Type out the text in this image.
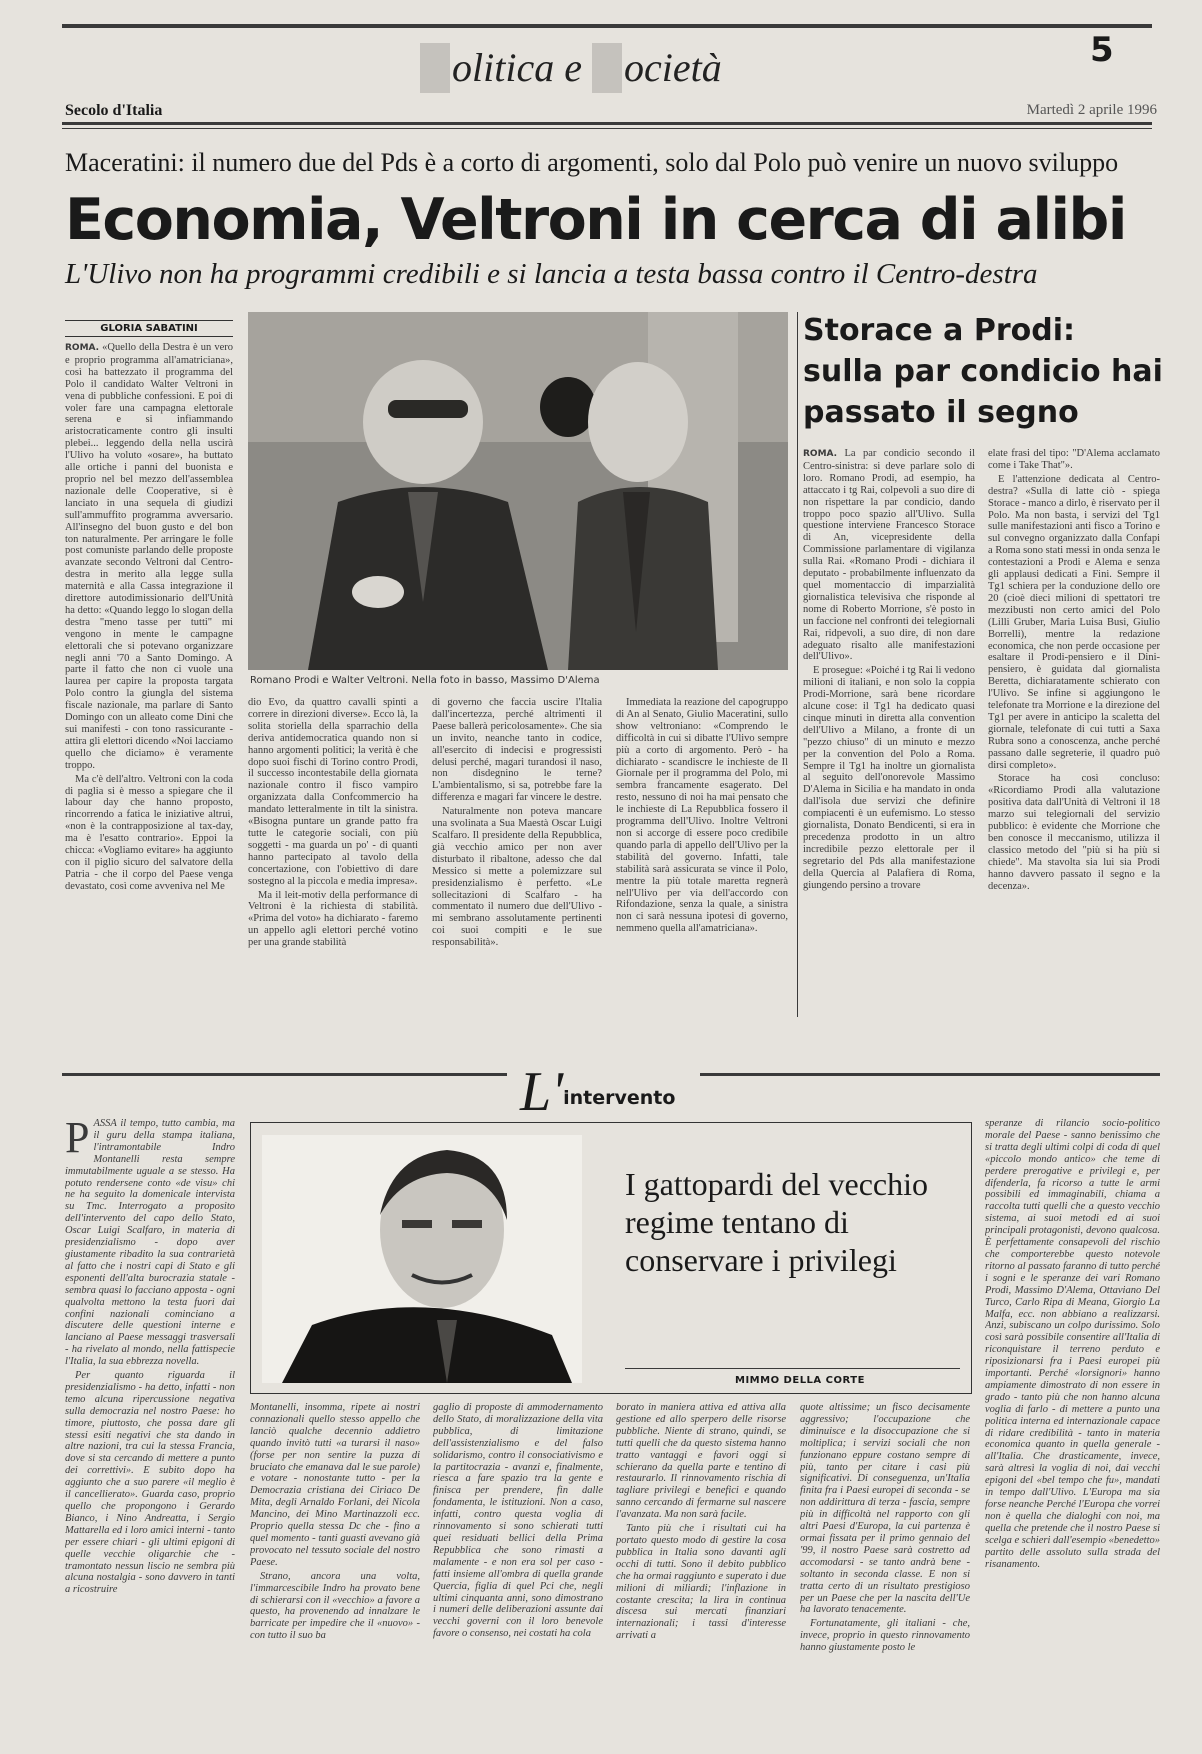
olitica e ocietà	5
Secolo d'Italia	Martedì 2 aprile 1996
Maceratini: il numero due del Pds è a corto di argomenti, solo dal Polo può venire un nuovo sviluppo
Economia, Veltroni in cerca di alibi
L'Ulivo non ha programmi credibili e si lancia a testa bassa contro il Centro-destra
GLORIA SABATINI

ROMA. «Quello della Destra è un vero e proprio programma all'amatriciana», così ha battezzato il programma del Polo il candidato Walter Veltroni in vena di pubbliche confessioni. E poi di voler fare una campagna elettorale serena e si infiammando aristocraticamente contro gli insulti plebei... leggendo della nella uscirà l'Ulivo ha voluto «osare», ha buttato alle ortiche i panni del buonista e proprio nel bel mezzo dell'assemblea nazionale delle Cooperative, si è lanciato in una sequela di giudizi sull'ammuffito programma avversario. All'insegno del buon gusto e del bon ton naturalmente. Per arringare le folle post comuniste parlando delle proposte avanzate secondo Veltroni dal Centro-destra in merito alla legge sulla maternità e alla Cassa integrazione il direttore autodimissionario dell'Unità ha detto: «Quando leggo lo slogan della destra "meno tasse per tutti" mi vengono in mente le campagne elettorali che si potevano organizzare negli anni '70 a Santo Domingo. A parte il fatto che non ci vuole una laurea per capire la proposta targata Polo contro la giungla del sistema fiscale nazionale, ma parlare di Santo Domingo con un alleato come Dini che sui manifesti - con tono rassicurante - attira gli elettori dicendo «Noi lacciamo quello che diciamo» è veramente troppo.

Ma c'è dell'altro. Veltroni con la coda di paglia si è messo a spiegare che il labour day che hanno proposto, rincorrendo a fatica le iniziative altrui, «non è la contrapposizione al tax-day, ma è l'esatto contrario». Eppoi la chicca: «Vogliamo evitare» ha aggiunto con il piglio sicuro del salvatore della Patria - che il corpo del Paese venga devastato, così come avveniva nel Me

Romano Prodi e Walter Veltroni. Nella foto in basso, Massimo D'Alema

dio Evo, da quattro cavalli spinti a correre in direzioni diverse». Ecco là, la solita storiella della sparrachio della deriva antidemocratica quando non si hanno argomenti politici; la verità è che dopo suoi fischi di Torino contro Prodi, il successo incontestabile della giornata nazionale contro il fisco vampiro organizzata dalla Confcommercio ha mandato letteralmente in tilt la sinistra. «Bisogna puntare un grande patto fra tutte le categorie sociali, con più soggetti - ma guarda un po' - di quanti hanno partecipato al tavolo della concertazione, con l'obiettivo di dare sostegno al la piccola e media impresa».

Ma il leit-motiv della performance di Veltroni è la richiesta di stabilità. «Prima del voto» ha dichiarato - faremo un appello agli elettori perché votino per una grande stabilità

di governo che faccia uscire l'Italia dall'incertezza, perché altrimenti il Paese ballerà pericolosamente». Che sia un invito, neanche tanto in codice, all'esercito di indecisi e progressisti delusi perché, magari turandosi il naso, non disdegnino le terne? L'ambientalismo, si sa, potrebbe fare la differenza e magari far vincere le destre.

Naturalmente non poteva mancare una svolinata a Sua Maestà Oscar Luigi Scalfaro. Il presidente della Repubblica, già vecchio amico per non aver disturbato il ribaltone, adesso che dal Messico si mette a polemizzare sul presidenzialismo è perfetto. «Le sollecitazioni di Scalfaro - ha commentato il numero due dell'Ulivo - mi sembrano assolutamente pertinenti coi suoi compiti e le sue responsabilità».

Immediata la reazione del capogruppo di An al Senato, Giulio Maceratini, sullo show veltroniano: «Comprendo le difficoltà in cui si dibatte l'Ulivo sempre più a corto di argomento. Però - ha dichiarato - scandiscre le inchieste de Il Giornale per il programma del Polo, mi sembra francamente esagerato. Del resto, nessuno di noi ha mai pensato che le inchieste di La Repubblica fossero il programma dell'Ulivo. Inoltre Veltroni non si accorge di essere poco credibile quando parla di appello dell'Ulivo per la stabilità del governo. Infatti, tale stabilità sarà assicurata se vince il Polo, mentre la più totale maretta regnerà nell'Ulivo per via dell'accordo con Rifondazione, senza la quale, a sinistra non ci sarà nessuna ipotesi di governo, nemmeno quella all'amatriciana».

Storace a Prodi: sulla par condicio hai passato il segno

ROMA. La par condicio secondo il Centro-sinistra: si deve parlare solo di loro. Romano Prodi, ad esempio, ha attaccato i tg Rai, colpevoli a suo dire di non rispettare la par condicio, dando troppo poco spazio all'Ulivo. Sulla questione interviene Francesco Storace di An, vicepresidente della Commissione parlamentare di vigilanza sulla Rai. «Romano Prodi - dichiara il deputato - probabilmente influenzato da quel momentaccio di imparzialità giornalistica televisiva che risponde al nome di Roberto Morrione, s'è posto in un faccione nel confronti dei telegiornali Rai, ridpevoli, a suo dire, di non dare adeguato risalto alle manifestazioni dell'Ulivo».

E prosegue: «Poiché i tg Rai li vedono milioni di italiani, e non solo la coppia Prodi-Morrione, sarà bene ricordare alcune cose: il Tg1 ha dedicato quasi cinque minuti in diretta alla convention dell'Ulivo a Milano, a fronte di un "pezzo chiuso" di un minuto e mezzo per la convention del Polo a Roma. Sempre il Tg1 ha inoltre un giornalista al seguito dell'onorevole Massimo D'Alema in Sicilia e ha mandato in onda dall'isola due servizi che definire compiacenti è un eufemismo. Lo stesso giornalista, Donato Bendicenti, si era in precedenza prodotto in un altro incredibile pezzo elettorale per il segretario del Pds alla manifestazione della Quercia al Palafiera di Roma, giungendo persino a trovare

elate frasi del tipo: "D'Alema acclamato come i Take That"».

E l'attenzione dedicata al Centro-destra? «Sulla di latte ciò - spiega Storace - manco a dirlo, è riservato per il Polo. Ma non basta, i servizi del Tg1 sulle manifestazioni anti fisco a Torino e sul convegno organizzato dalla Confapi a Roma sono stati messi in onda senza le contestazioni a Prodi e Alema e senza gli applausi dedicati a Fini. Sempre il Tg1 schiera per la conduzione dello ore 20 (cioè dieci milioni di spettatori tre mezzibusti non certo amici del Polo (Lilli Gruber, Maria Luisa Busi, Giulio Borrelli), mentre la redazione economica, che non perde occasione per esaltare il Prodi-pensiero e il Dini-pensiero, è guidata dal giornalista Beretta, dichiaratamente schierato con l'Ulivo. Se infine si aggiungono le telefonate tra Morrione e la direzione del Tg1 per avere in anticipo la scaletta del giornale, telefonate di cui tutti a Saxa Rubra sono a conoscenza, anche perché passano dalle segreterie, il quadro può dirsi completo».

Storace ha così concluso: «Ricordiamo Prodi alla valutazione positiva data dall'Unità di Veltroni il 18 marzo sui telegiornali del servizio pubblico: è evidente che Morrione che ben conosce il meccanismo, utilizza il classico metodo del "più si ha più si chiede". Ma stavolta sia lui sia Prodi hanno davvero passato il segno e la decenza».

L'intervento

PASSA il tempo, tutto cambia, ma il guru della stampa italiana, l'intramontabile Indro Montanelli resta sempre immutabilmente uguale a se stesso. Ha potuto rendersene conto «de visu» chi ne ha seguito la domenicale intervista su Tmc. Interrogato a proposito dell'intervento del capo dello Stato, Oscar Luigi Scalfaro, in materia di presidenzialismo - dopo aver giustamente ribadito la sua contrarietà al fatto che i nostri capi di Stato e gli esponenti dell'alta burocrazia statale - sembra quasi lo facciano apposta - ogni qualvolta mettono la testa fuori dai confini nazionali cominciano a discutere delle questioni interne e lanciano al Paese messaggi trasversali - ha rivelato al mondo, nella fattispecie l'Italia, la sua ebbrezza novella.

Per quanto riguarda il presidenzialismo - ha detto, infatti - non temo alcuna ripercussione negativa sulla democrazia nel nostro Paese: ho timore, piuttosto, che possa dare gli stessi esiti negativi che sta dando in altre nazioni, tra cui la stessa Francia, dove si sta cercando di mettere a punto dei correttivi». E subito dopo ha aggiunto che a suo parere «il meglio è il cancellierato». Guarda caso, proprio quello che propongono i Gerardo Bianco, i Nino Andreatta, i Sergio Mattarella ed i loro amici interni - tanto per essere chiari - gli ultimi epigoni di quelle vecchie oligarchie che - tramontato nessun liscio ne sembra più alcuna nostalgia - sono davvero in tanti a ricostruire

I gattopardi del vecchio regime tentano di conservare i privilegi
MIMMO DELLA CORTE

Montanelli, insomma, ripete ai nostri connazionali quello stesso appello che lanciò qualche decennio addietro quando invitò tutti «a turarsi il naso» (forse per non sentire la puzza di bruciato che emanava dal le sue parole) e votare - nonostante tutto - per la Democrazia cristiana dei Ciriaco De Mita, degli Arnaldo Forlani, dei Nicola Mancino, dei Mino Martinazzoli ecc. Proprio quella stessa Dc che - fino a quel momento - tanti guasti avevano già provocato nel tessuto sociale del nostro Paese.

Strano, ancora una volta, l'immarcescibile Indro ha provato bene di schierarsi con il «vecchio» a favore a questo, ha provenendo ad innalzare le barricate per impedire che il «nuovo» - con tutto il suo ba

gaglio di proposte di ammodernamento dello Stato, di moralizzazione della vita pubblica, di limitazione dell'assistenzialismo e del falso solidarismo, contro il consociativismo e la partitocrazia - avanzi e, finalmente, riesca a fare spazio tra la gente e finisca per prendere, fin dalle fondamenta, le istituzioni. Non a caso, infatti, contro questa voglia di rinnovamento si sono schierati tutti quei residuati bellici della Prima Repubblica che sono rimasti a malamente - e non era sol per caso - fatti insieme all'ombra di quella grande Quercia, figlia di quel Pci che, negli ultimi cinquanta anni, sono dimostrano i numeri delle deliberazioni assunte dai vecchi governi con il loro benevole favore o consenso, nei costati ha cola

borato in maniera attiva ed attiva alla gestione ed allo sperpero delle risorse pubbliche. Niente di strano, quindi, se tutti quelli che da questo sistema hanno tratto vantaggi e favori oggi si schierano da quella parte e tentino di restaurarlo. Il rinnovamento rischia di tagliare privilegi e benefici e quando sanno cercando di fermarne sul nascere l'avanzata. Ma non sarà facile.

Tanto più che i risultati cui ha portato questo modo di gestire la cosa pubblica in Italia sono davanti agli occhi di tutti. Sono il debito pubblico che ha ormai raggiunto e superato i due milioni di miliardi; l'inflazione in costante crescita; la lira in continua discesa sui mercati finanziari internazionali; i tassi d'interesse arrivati a

quote altissime; un fisco decisamente aggressivo; l'occupazione che diminuisce e la disoccupazione che si moltiplica; i servizi sociali che non funzionano eppure costano sempre di più, tanto per citare i casi più significativi. Di conseguenza, un'Italia finita fra i Paesi europei di seconda - se non addirittura di terza - fascia, sempre più in difficoltà nel rapporto con gli altri Paesi d'Europa, la cui partenza è ormai fissata per il primo gennaio del '99, il nostro Paese sarà costretto ad accomodarsi - se tanto andrà bene - soltanto in seconda classe. E non si tratta certo di un risultato prestigioso per un Paese che per la nascita dell'Ue ha lavorato tenacemente.

Fortunatamente, gli italiani - che, invece, proprio in questo rinnovamento hanno giustamente posto le

speranze di rilancio socio-politico morale del Paese - sanno benissimo che si tratta degli ultimi colpi di coda di quel «piccolo mondo antico» che teme di perdere prerogative e privilegi e, per difenderla, fa ricorso a tutte le armi possibili ed immaginabili, chiama a raccolta tutti quelli che a questo vecchio sistema, ai suoi metodi ed ai suoi principali protagonisti, devono qualcosa. È perfettamente consapevoli del rischio che comporterebbe questo notevole ritorno al passato faranno di tutto perché i sogni e le speranze dei vari Romano Prodi, Massimo D'Alema, Ottaviano Del Turco, Carlo Ripa di Meana, Giorgio La Malfa, ecc. non abbiano a realizzarsi. Anzi, subiscano un colpo durissimo. Solo così sarà possibile consentire all'Italia di riconquistare il terreno perduto e riposizionarsi fra i Paesi europei più importanti. Perché «lorsignori» hanno ampiamente dimostrato di non essere in grado - tanto più che non hanno alcuna voglia di farlo - di mettere a punto una politica interna ed internazionale capace di ridare credibilità - tanto in materia economica quanto in quella generale - all'Italia. Che drasticamente, invece, sarà altresì la voglia di noi, dai vecchi epigoni del «bel tempo che fu», mandati in tempo dall'Ulivo. L'Europa ma sia forse neanche Perché l'Europa che vorrei non è quella che dialoghi con noi, ma quella che pretende che il nostro Paese si scelga e schieri dall'esempio «benedetto» partito delle assoluto sulla strada del risanamento.
